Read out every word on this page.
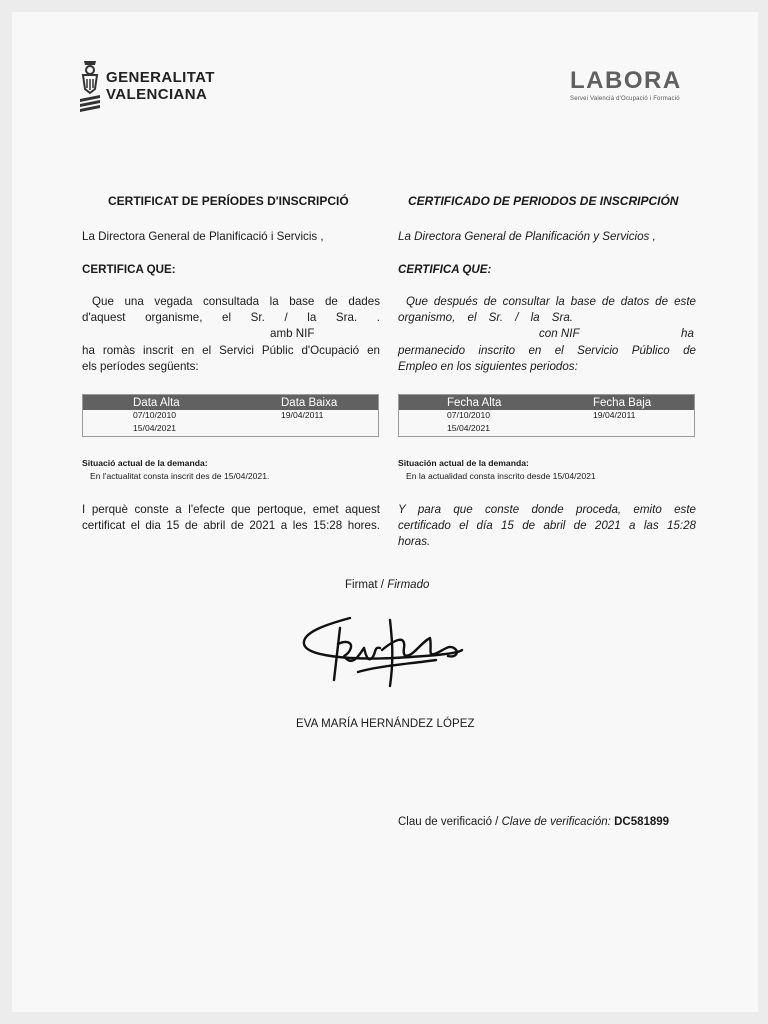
GENERALITAT
VALENCIANA
LABORA
Servei Valencià d'Ocupació i Formació
CERTIFICAT DE PERÍODES D'INSCRIPCIÓ
La Directora General de Planificació i Servicis ,
CERTIFICA QUE:
Que una vegada consultada la base de dades
d'aquest organisme, el Sr. / la Sra. .
amb NIF
ha romàs inscrit en el Servici Públic d'Ocupació en
els períodes següents:
Data Alta	Data Baixa
07/10/2010	19/04/2011
15/04/2021	
Situació actual de la demanda:
En l'actualitat consta inscrit des de 15/04/2021.
I perquè conste a l'efecte que pertoque, emet aquest
certificat el dia 15 de abril de 2021 a les 15:28 hores.
CERTIFICADO DE PERIODOS DE INSCRIPCIÓN
La Directora General de Planificación y Servicios ,
CERTIFICA QUE:
Que después de consultar la base de datos de este
organismo, el Sr. / la Sra.
con NIF	ha
permanecido inscrito en el Servicio Público de
Empleo en los siguientes periodos:
Fecha Alta	Fecha Baja
07/10/2010	19/04/2011
15/04/2021	
Situación actual de la demanda:
En la actualidad consta inscrito desde 15/04/2021
Y para que conste donde proceda, emito este
certificado el día 15 de abril de 2021 a las 15:28
horas.
Firmat / Firmado
EVA MARÍA HERNÁNDEZ LÓPEZ
Clau de verificació / Clave de verificación: DC581899
